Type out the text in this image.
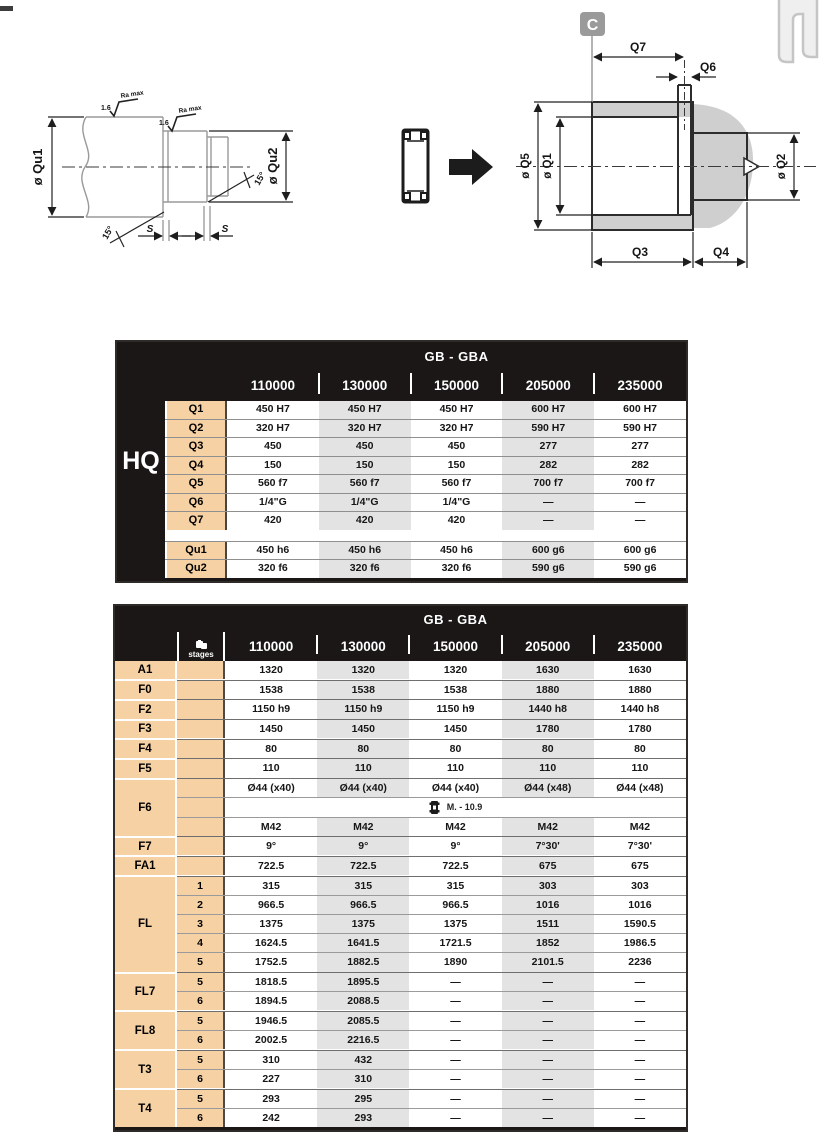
ø Qu1	ø Qu2
S	S
15°
15°
1.6
Ra max
1.6
Ra max
C
Q7
Q6
ø Q5 ø Q1	ø Q2
Q3	Q4
GB - GBA
110000	130000	150000	205000	235000
HQ
Q1	450 H7	450 H7	450 H7	600 H7	600 H7
Q2	320 H7	320 H7	320 H7	590 H7	590 H7
Q3	450	450	450	277	277
Q4	150	150	150	282	282
Q5	560 f7	560 f7	560 f7	700 f7	700 f7
Q6	1/4"G	1/4"G	1/4"G	—	—
Q7	420	420	420	—	—
Qu1	450 h6	450 h6	450 h6	600 g6	600 g6
Qu2	320 f6	320 f6	320 f6	590 g6	590 g6
GB - GBA
stages
110000	130000	150000	205000	235000
A1	1320	1320	1320	1630	1630
F0	1538	1538	1538	1880	1880
F2	1150 h9	1150 h9	1150 h9	1440 h8	1440 h8
F3	1450	1450	1450	1780	1780
F4	80	80	80	80	80
F5	110	110	110	110	110
F6
Ø44 (x40)	Ø44 (x40)	Ø44 (x40)	Ø44 (x48)	Ø44 (x48)
M. - 10.9
M42	M42	M42	M42	M42
F7	9°	9°	9°	7°30'	7°30'
FA1	722.5	722.5	722.5	675	675
FL
1	315	315	315	303	303
2	966.5	966.5	966.5	1016	1016
3	1375	1375	1375	1511	1590.5
4	1624.5	1641.5	1721.5	1852	1986.5
5	1752.5	1882.5	1890	2101.5	2236
FL7
5	1818.5	1895.5	—	—	—
6	1894.5	2088.5	—	—	—
FL8
5	1946.5	2085.5	—	—	—
6	2002.5	2216.5	—	—	—
T3
5	310	432	—	—	—
6	227	310	—	—	—
T4
5	293	295	—	—	—
6	242	293	—	—	—
